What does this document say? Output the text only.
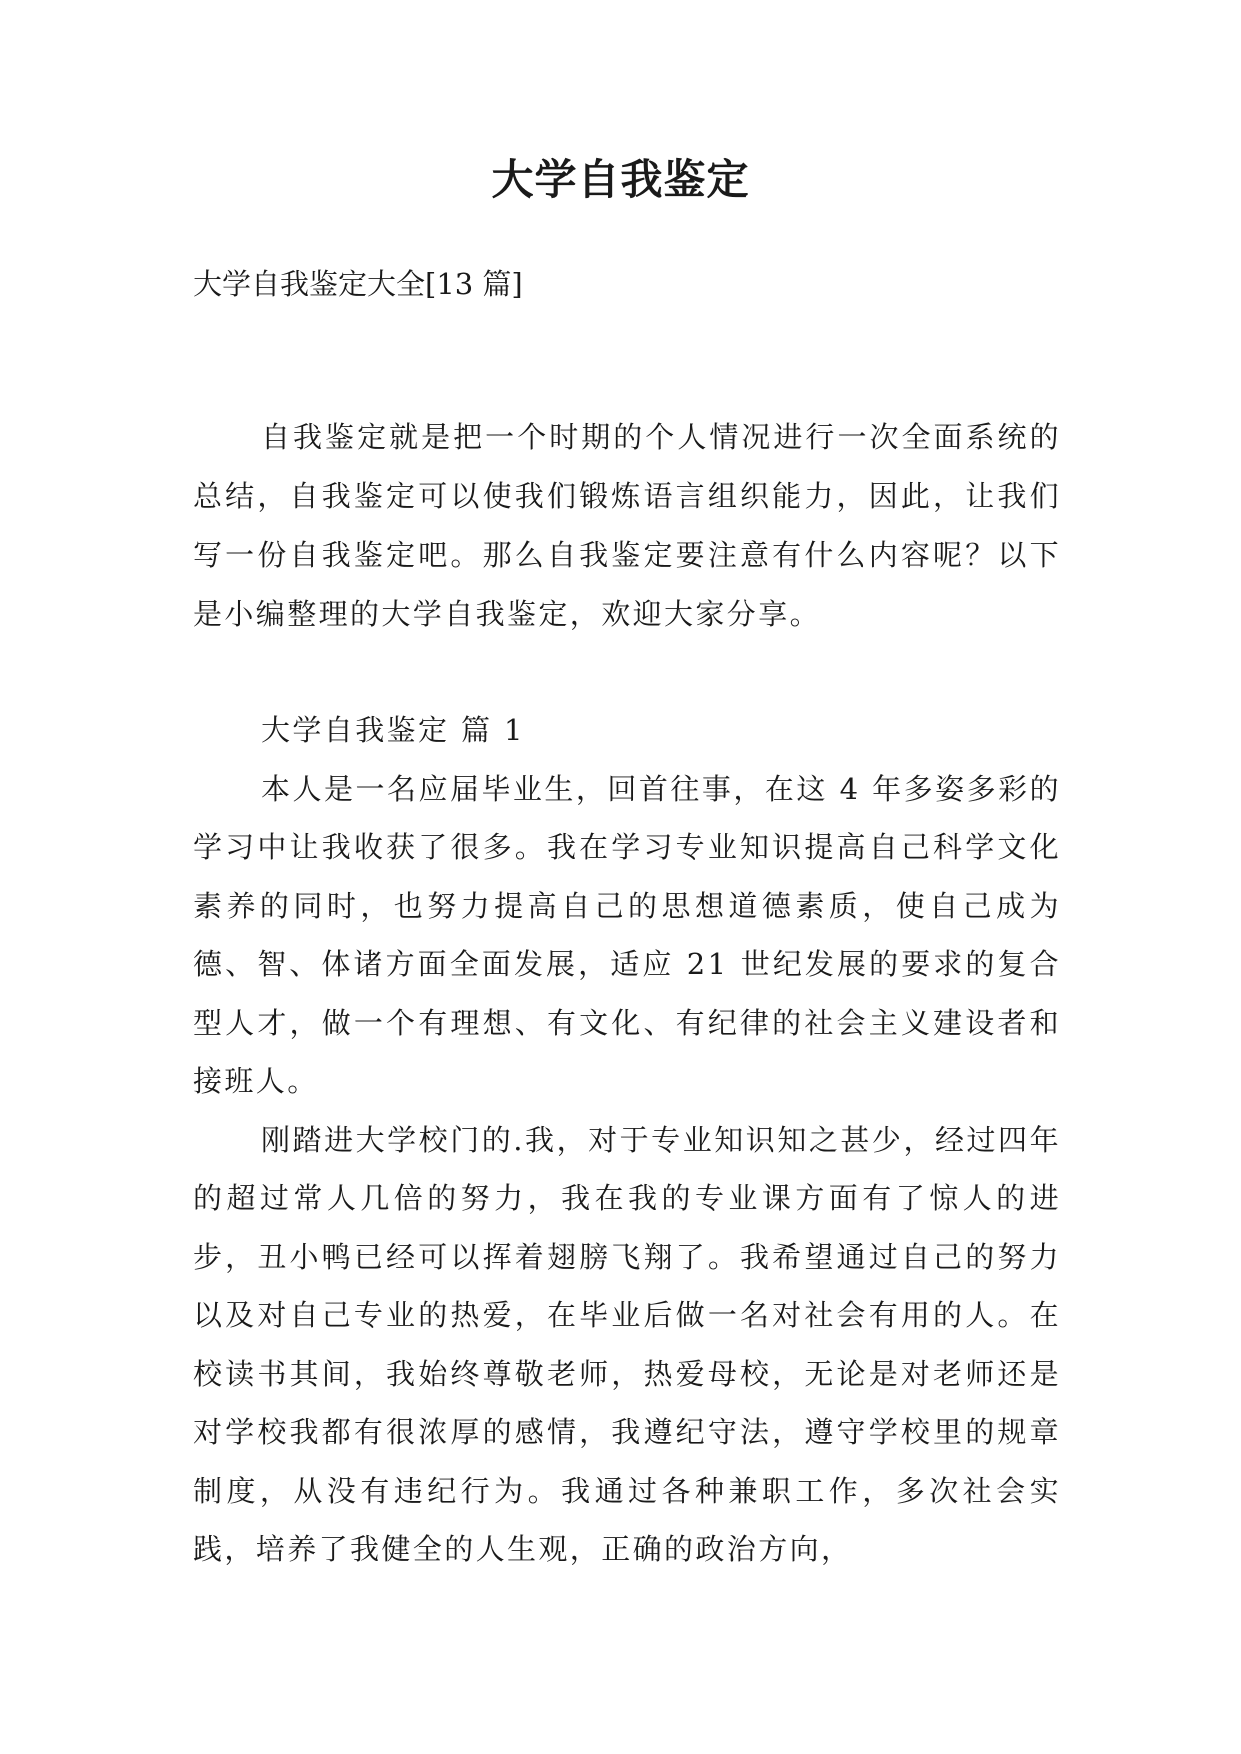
大学自我鉴定
大学自我鉴定大全[13 篇]

自我鉴定就是把一个时期的个人情况进行一次全面系统的总结，自我鉴定可以使我们锻炼语言组织能力，因此，让我们写一份自我鉴定吧。那么自我鉴定要注意有什么内容呢？以下是小编整理的大学自我鉴定，欢迎大家分享。

大学自我鉴定 篇 1

本人是一名应届毕业生，回首往事，在这 4 年多姿多彩的学习中让我收获了很多。我在学习专业知识提高自己科学文化素养的同时，也努力提高自己的思想道德素质，使自己成为德、智、体诸方面全面发展，适应 21 世纪发展的要求的复合型人才，做一个有理想、有文化、有纪律的社会主义建设者和接班人。

刚踏进大学校门的.我，对于专业知识知之甚少，经过四年的超过常人几倍的努力，我在我的专业课方面有了惊人的进步，丑小鸭已经可以挥着翅膀飞翔了。我希望通过自己的努力以及对自己专业的热爱，在毕业后做一名对社会有用的人。在校读书其间，我始终尊敬老师，热爱母校，无论是对老师还是对学校我都有很浓厚的感情，我遵纪守法，遵守学校里的规章制度，从没有违纪行为。我通过各种兼职工作，多次社会实践，培养了我健全的人生观，正确的政治方向，
